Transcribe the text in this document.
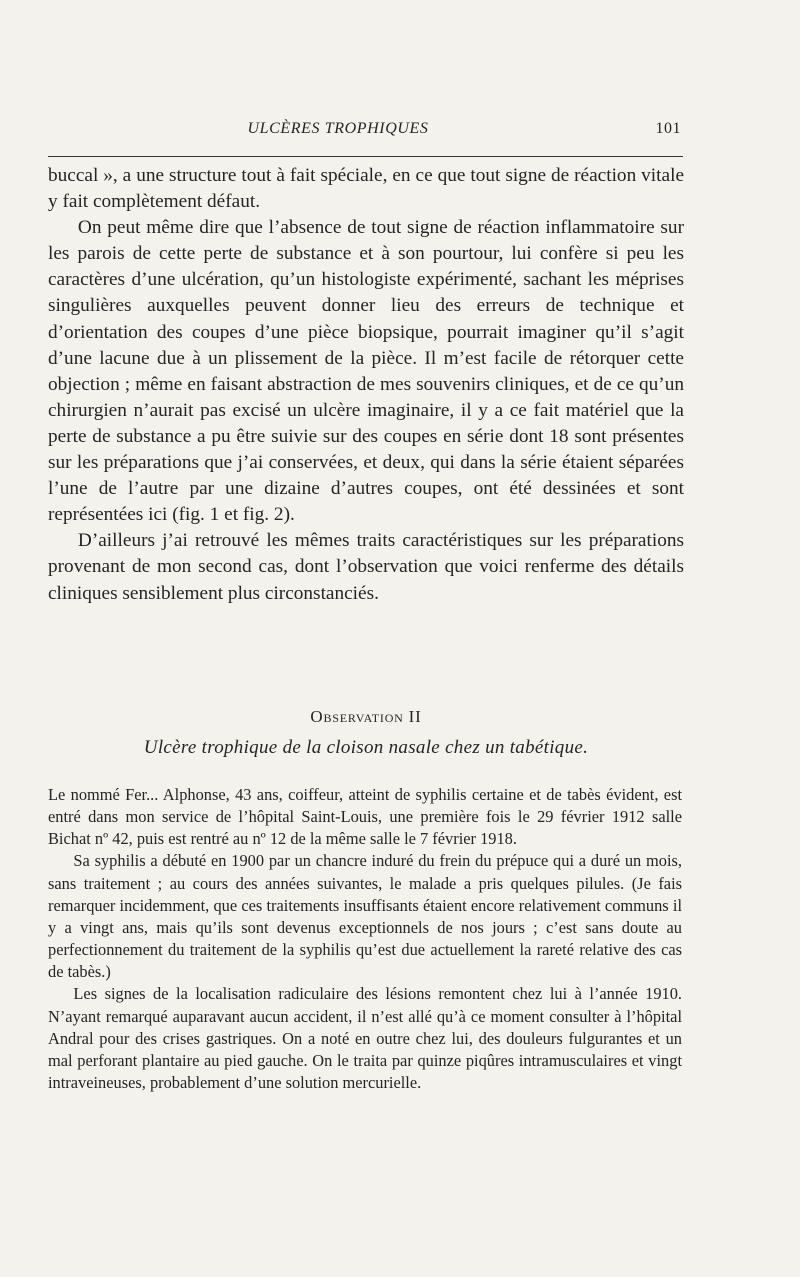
ULCÈRES TROPHIQUES	101

buccal », a une structure tout à fait spéciale, en ce que tout signe de réaction vitale y fait complètement défaut.

On peut même dire que l’absence de tout signe de réaction inflammatoire sur les parois de cette perte de substance et à son pourtour, lui confère si peu les caractères d’une ulcération, qu’un histologiste expérimenté, sachant les méprises singulières auxquelles peuvent donner lieu des erreurs de technique et d’orientation des coupes d’une pièce biopsique, pourrait imaginer qu’il s’agit d’une lacune due à un plissement de la pièce. Il m’est facile de rétorquer cette objection ; même en faisant abstraction de mes souvenirs cliniques, et de ce qu’un chirurgien n’aurait pas excisé un ulcère imaginaire, il y a ce fait matériel que la perte de substance a pu être suivie sur des coupes en série dont 18 sont présentes sur les préparations que j’ai conservées, et deux, qui dans la série étaient séparées l’une de l’autre par une dizaine d’autres coupes, ont été dessinées et sont représentées ici (fig. 1 et fig. 2).

D’ailleurs j’ai retrouvé les mêmes traits caractéristiques sur les préparations provenant de mon second cas, dont l’observation que voici renferme des détails cliniques sensiblement plus circonstanciés.

Observation II
Ulcère trophique de la cloison nasale chez un tabétique.

Le nommé Fer... Alphonse, 43 ans, coiffeur, atteint de syphilis certaine et de tabès évident, est entré dans mon service de l’hôpital Saint-Louis, une première fois le 29 février 1912 salle Bichat nº 42, puis est rentré au nº 12 de la même salle le 7 février 1918.

Sa syphilis a débuté en 1900 par un chancre induré du frein du prépuce qui a duré un mois, sans traitement ; au cours des années suivantes, le malade a pris quelques pilules. (Je fais remarquer incidemment, que ces traitements insuffisants étaient encore relativement communs il y a vingt ans, mais qu’ils sont devenus exceptionnels de nos jours ; c’est sans doute au perfectionnement du traitement de la syphilis qu’est due actuellement la rareté relative des cas de tabès.)

Les signes de la localisation radiculaire des lésions remontent chez lui à l’année 1910. N’ayant remarqué auparavant aucun accident, il n’est allé qu’à ce moment consulter à l’hôpital Andral pour des crises gastriques. On a noté en outre chez lui, des douleurs fulgurantes et un mal perforant plantaire au pied gauche. On le traita par quinze piqûres intramusculaires et vingt intraveineuses, probablement d’une solution mercurielle.
